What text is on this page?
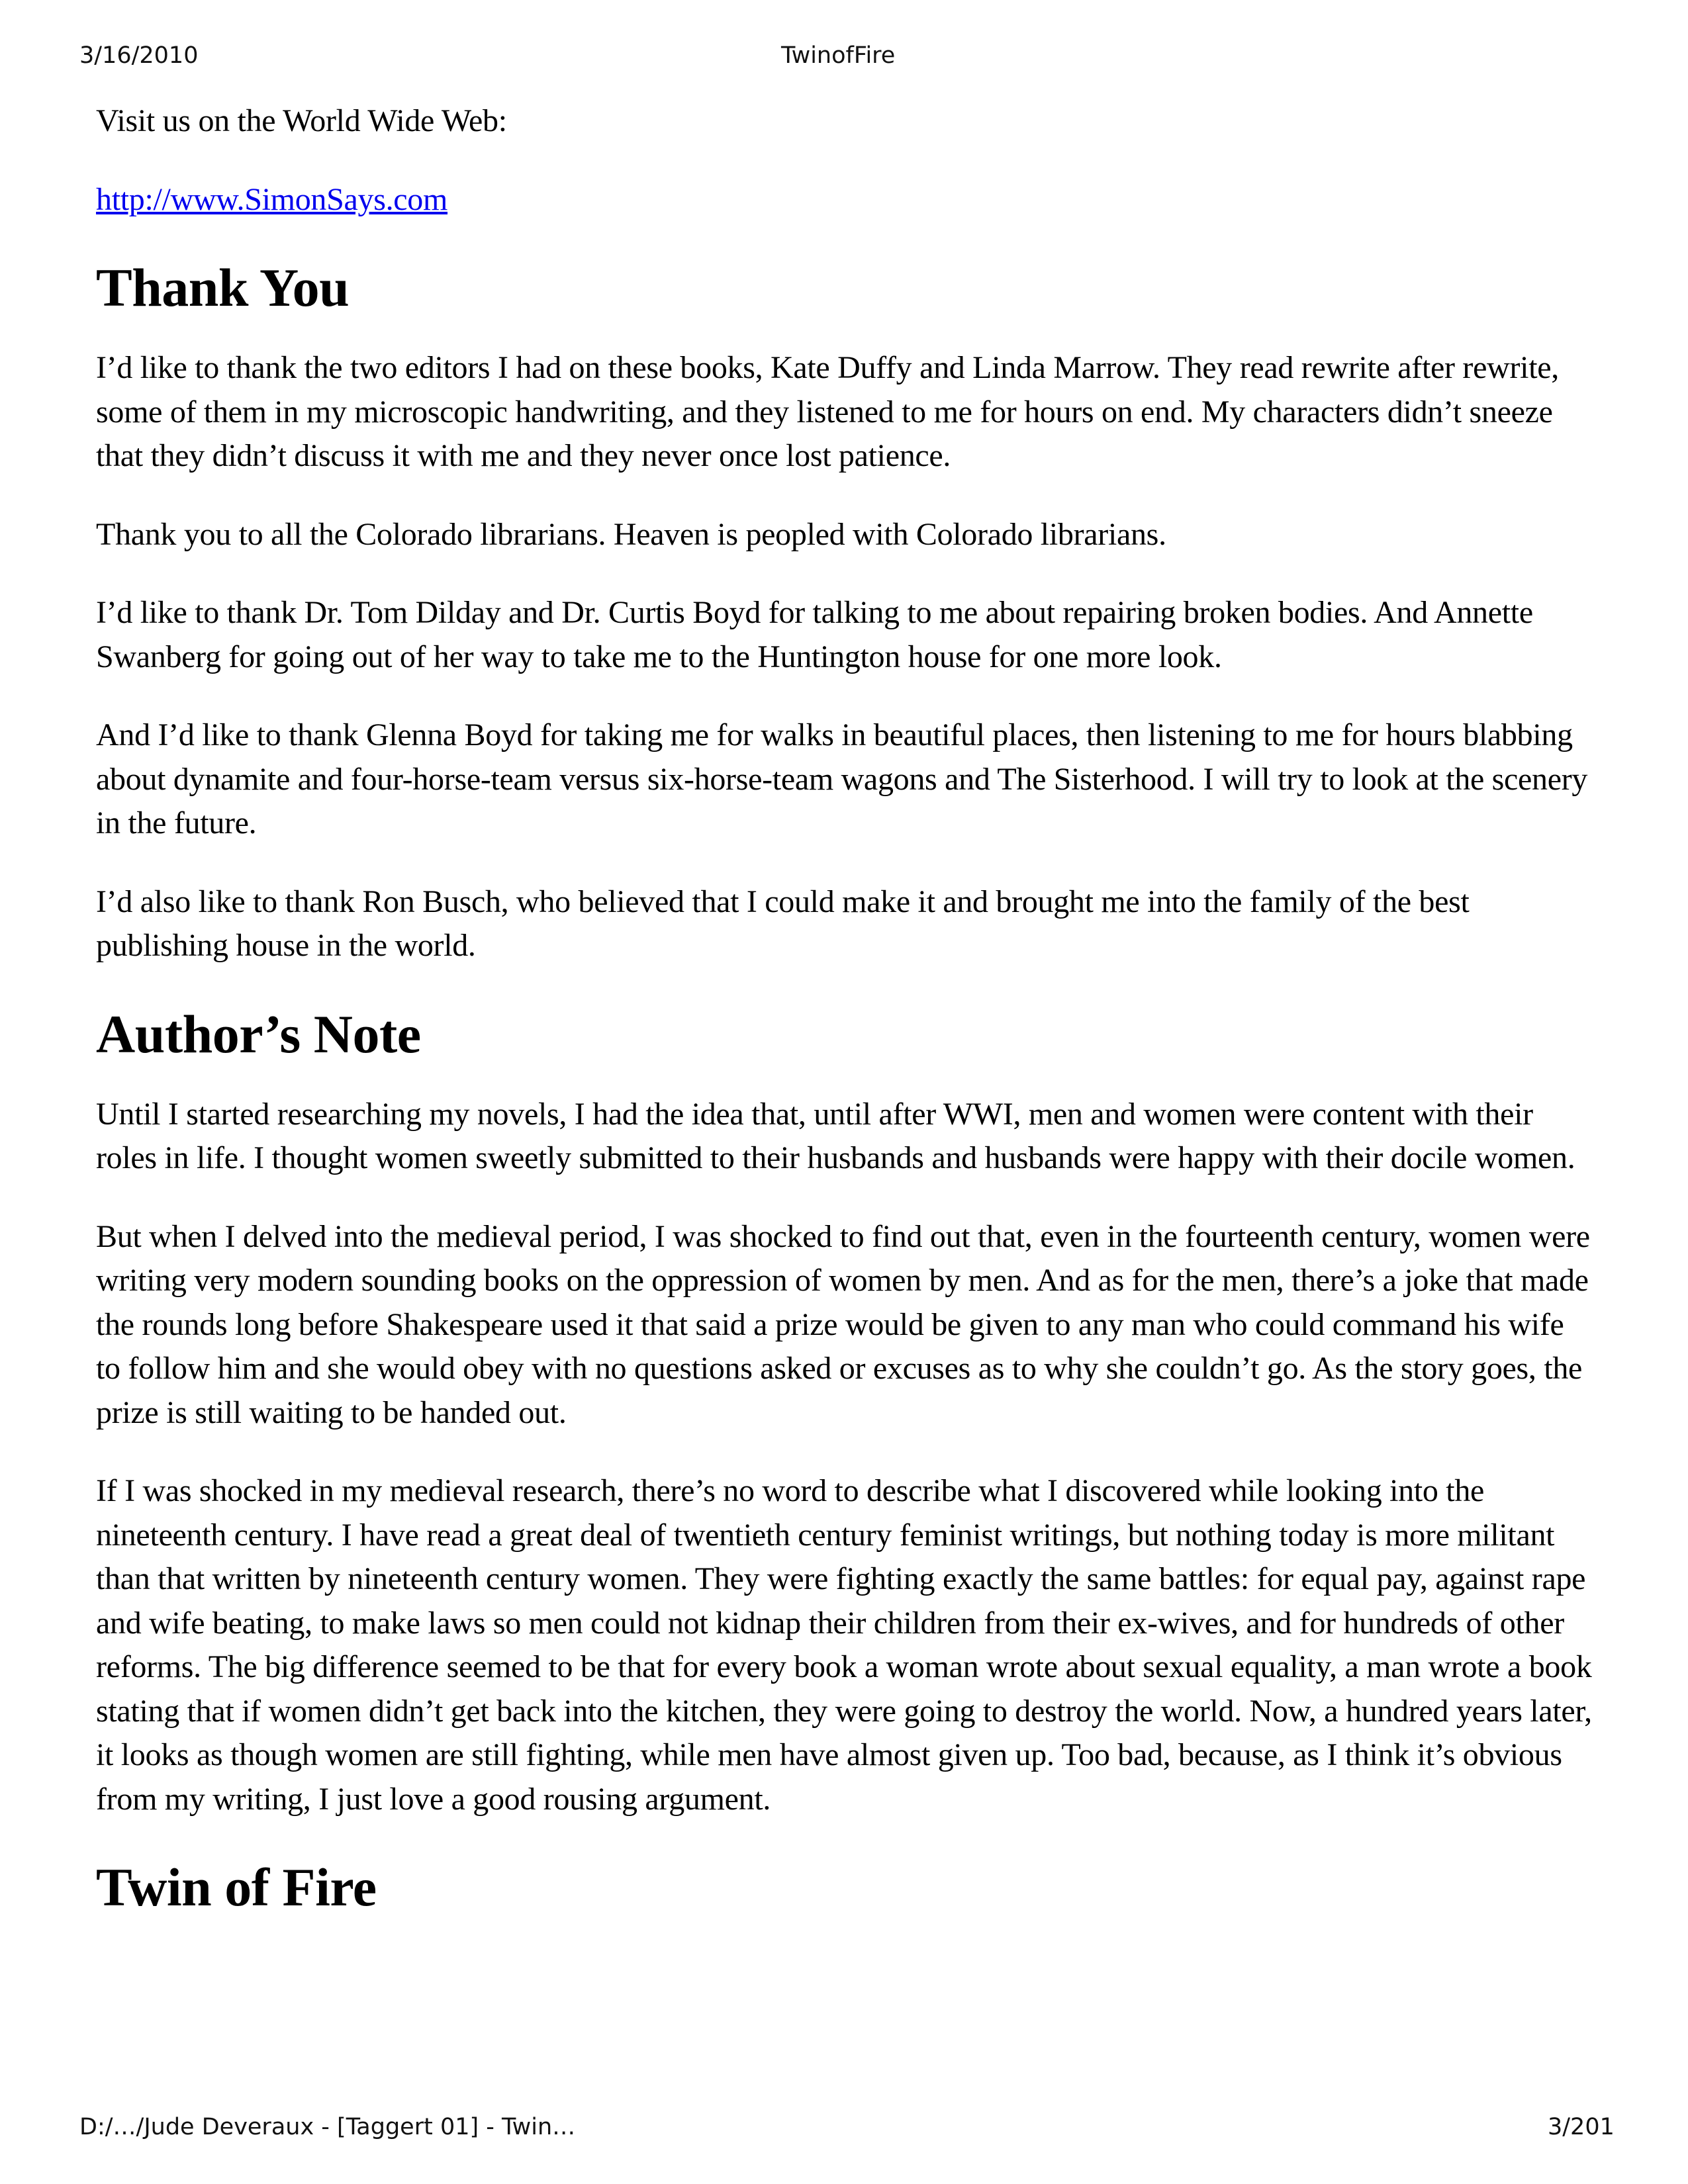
3/16/2010	TwinofFire

Visit us on the World Wide Web:

http://www.SimonSays.com

Thank You

I’d like to thank the two editors I had on these books, Kate Duffy and Linda Marrow. They read rewrite after rewrite, some of them in my microscopic handwriting, and they listened to me for hours on end. My characters didn’t sneeze that they didn’t discuss it with me and they never once lost patience.

Thank you to all the Colorado librarians. Heaven is peopled with Colorado librarians.

I’d like to thank Dr. Tom Dilday and Dr. Curtis Boyd for talking to me about repairing broken bodies. And Annette Swanberg for going out of her way to take me to the Huntington house for one more look.

And I’d like to thank Glenna Boyd for taking me for walks in beautiful places, then listening to me for hours blabbing about dynamite and four-horse-team versus six-horse-team wagons and The Sisterhood. I will try to look at the scenery in the future.

I’d also like to thank Ron Busch, who believed that I could make it and brought me into the family of the best publishing house in the world.

Author’s Note

Until I started researching my novels, I had the idea that, until after WWI, men and women were content with their roles in life. I thought women sweetly submitted to their husbands and husbands were happy with their docile women.

But when I delved into the medieval period, I was shocked to find out that, even in the fourteenth century, women were writing very modern sounding books on the oppression of women by men. And as for the men, there’s a joke that made the rounds long before Shakespeare used it that said a prize would be given to any man who could command his wife to follow him and she would obey with no questions asked or excuses as to why she couldn’t go. As the story goes, the prize is still waiting to be handed out.

If I was shocked in my medieval research, there’s no word to describe what I discovered while looking into the nineteenth century. I have read a great deal of twentieth century feminist writings, but nothing today is more militant than that written by nineteenth century women. They were fighting exactly the same battles: for equal pay, against rape and wife beating, to make laws so men could not kidnap their children from their ex-wives, and for hundreds of other reforms. The big difference seemed to be that for every book a woman wrote about sexual equality, a man wrote a book stating that if women didn’t get back into the kitchen, they were going to destroy the world. Now, a hundred years later, it looks as though women are still fighting, while men have almost given up. Too bad, because, as I think it’s obvious from my writing, I just love a good rousing argument.

Twin of Fire
D:/…/Jude Deveraux - [Taggert 01] - Twin…	3/201
